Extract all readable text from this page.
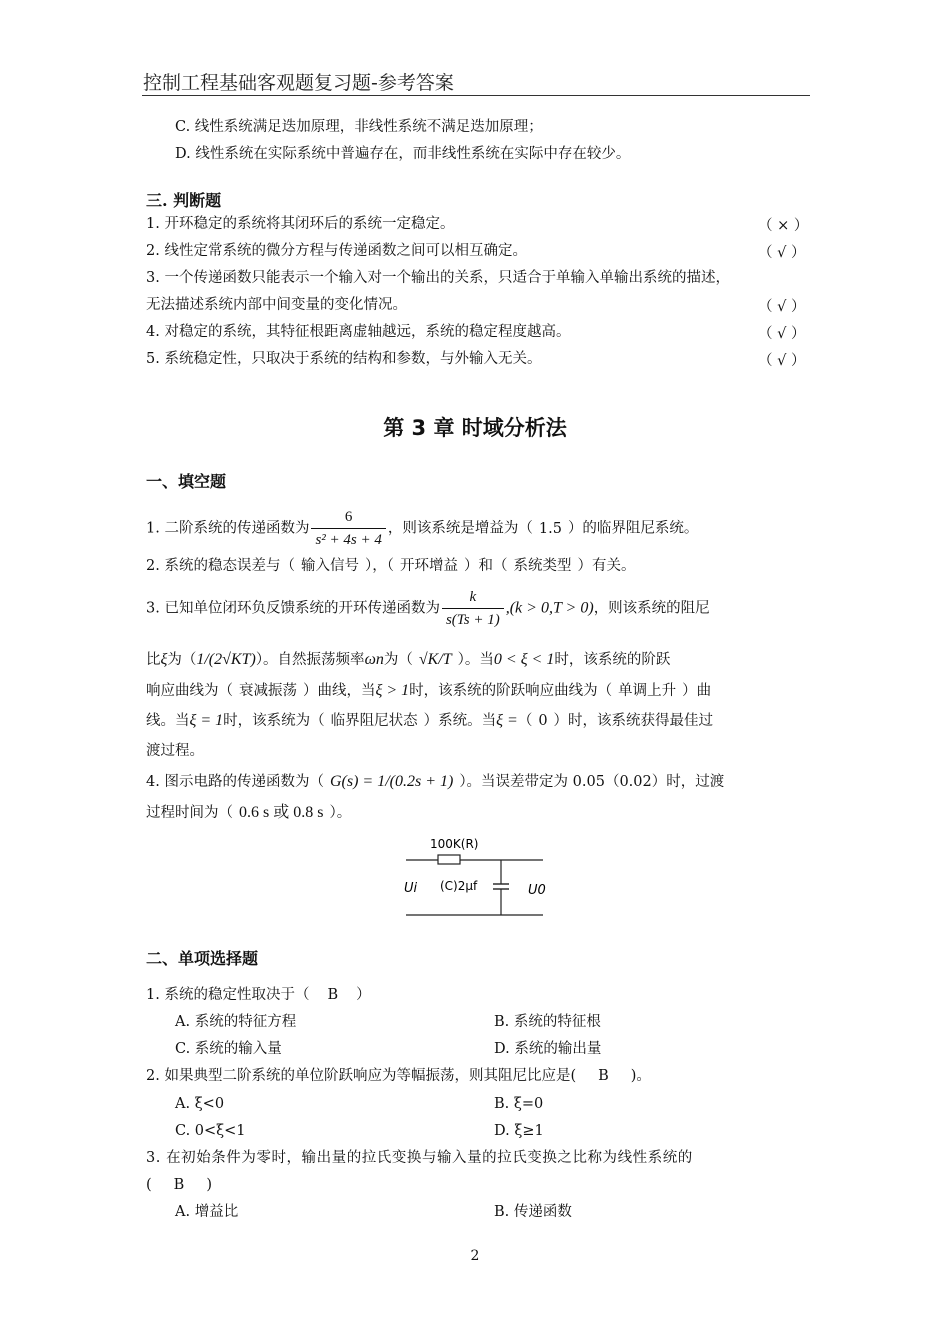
控制工程基础客观题复习题-参考答案
C. 线性系统满足迭加原理，非线性系统不满足迭加原理；
D. 线性系统在实际系统中普遍存在，而非线性系统在实际中存在较少。
三. 判断题
1. 开环稳定的系统将其闭环后的系统一定稳定。	（ × ）
2. 线性定常系统的微分方程与传递函数之间可以相互确定。	（ √ ）
3. 一个传递函数只能表示一个输入对一个输出的关系，只适合于单输入单输出系统的描述，
无法描述系统内部中间变量的变化情况。	（ √ ）
4. 对稳定的系统，其特征根距离虚轴越远，系统的稳定程度越高。	（ √ ）
5. 系统稳定性，只取决于系统的结构和参数，与外输入无关。	（ √ ）
第 3 章 时域分析法
一、填空题
1. 二阶系统的传递函数为 $\frac{6}{\text{s² + 4s + 4}}$ ，则该系统是增益为（ 1.5 ）的临界阻尼系统。
2. 系统的稳态误差与（ 输入信号 ），（ 开环增益 ）和（ 系统类型 ）有关。
3. 已知单位闭环负反馈系统的开环传递函数为 $\frac{k}{s(Ts + 1)} ,(k > 0,T > 0)$，则该系统的阻尼
比ξ为（1/(2√KT)）。自然振荡频率ωn为（ √K/T ）。当0 < ξ < 1时，该系统的阶跃
响应曲线为（ 衰减振荡 ）曲线，当ξ > 1时，该系统的阶跃响应曲线为（ 单调上升 ）曲
线。当ξ = 1时，该系统为（ 临界阻尼状态 ）系统。当ξ =（ 0 ）时，该系统获得最佳过
渡过程。
4. 图示电路的传递函数为（ G(s) = 1/(0.2s + 1) ）。当误差带定为 0.05（0.02）时，过渡
过程时间为（ 0.6 s 或 0.8 s ）。
100K(R)
(C)2μf
Ui	U0
二、单项选择题
1. 系统的稳定性取决于（ B ）
A. 系统的特征方程	B. 系统的特征根
C. 系统的输入量	D. 系统的输出量
2. 如果典型二阶系统的单位阶跃响应为等幅振荡，则其阻尼比应是( B )。
A. ξ<0	B. ξ=0
C. 0<ξ<1	D. ξ≥1
3. 在初始条件为零时，输出量的拉氏变换与输入量的拉氏变换之比称为线性系统的
( B )
A. 增益比	B. 传递函数
2
